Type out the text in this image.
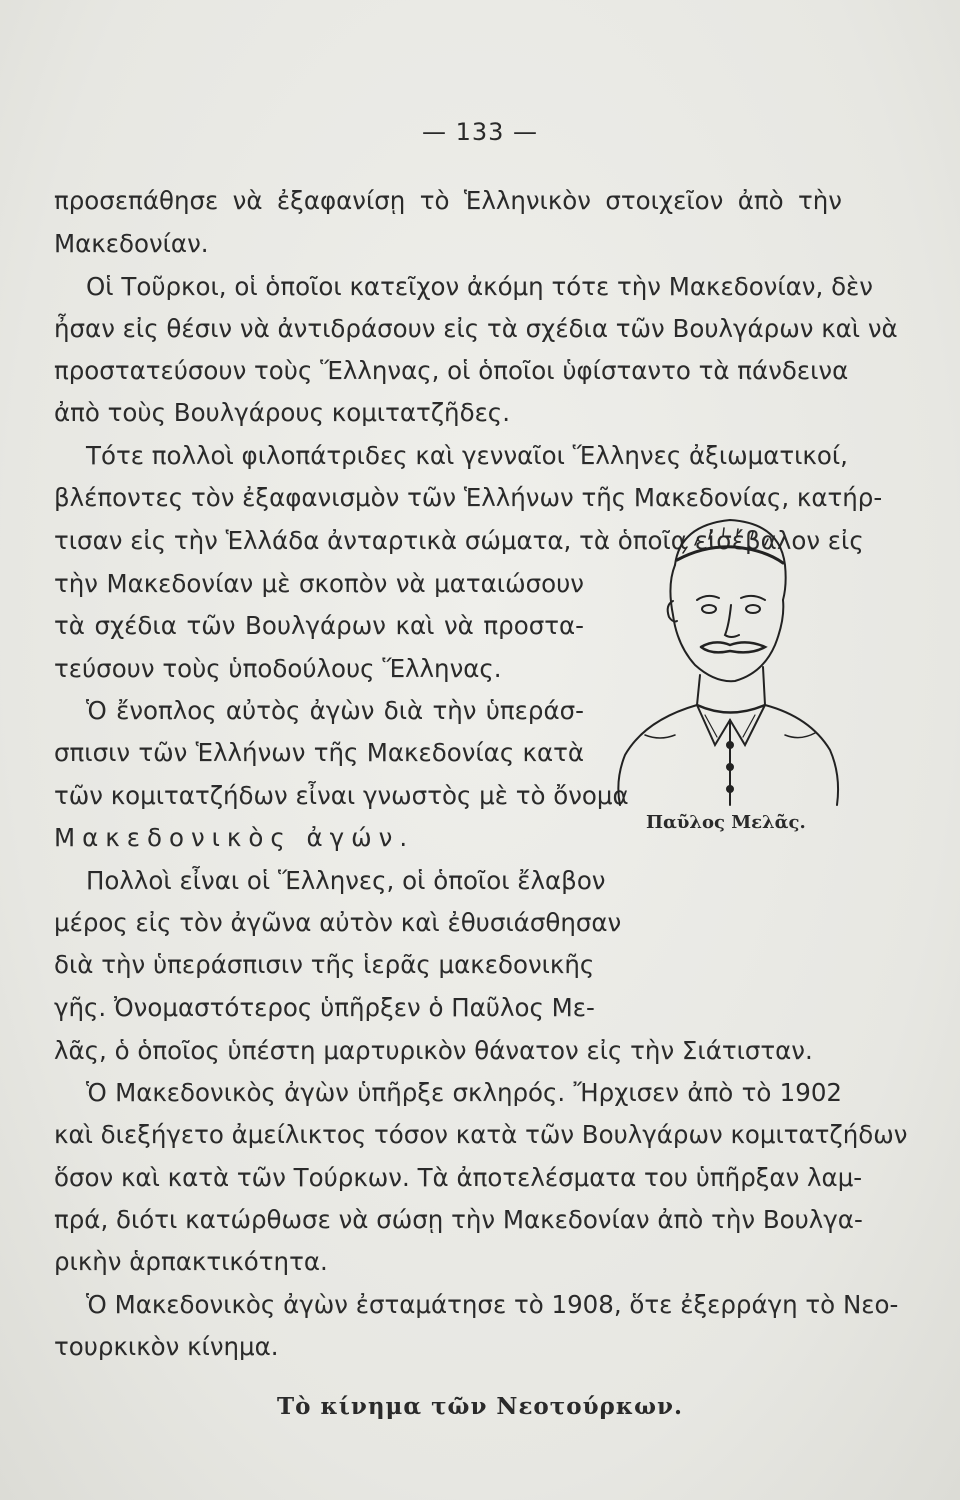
— 133 —
προσεπάθησε νὰ ἐξαφανίσῃ τὸ Ἑλληνικὸν στοιχεῖον ἀπὸ τὴν
Μακεδονίαν.
Οἱ Τοῦρκοι, οἱ ὁποῖοι κατεῖχον ἀκόμη τότε τὴν Μακεδονίαν, δὲν
ἦσαν εἰς θέσιν νὰ ἀντιδράσουν εἰς τὰ σχέδια τῶν Βουλγάρων καὶ νὰ
προστατεύσουν τοὺς Ἕλληνας, οἱ ὁποῖοι ὑφίσταντο τὰ πάνδεινα
ἀπὸ τοὺς Βουλγάρους κομιτατζῆδες.
Τότε πολλοὶ φιλοπάτριδες καὶ γενναῖοι Ἕλληνες ἀξιωματικοί,
βλέποντες τὸν ἐξαφανισμὸν τῶν Ἑλλήνων τῆς Μακεδονίας, κατήρ-
τισαν εἰς τὴν Ἑλλάδα ἀνταρτικὰ σώματα, τὰ ὁποῖα εἰσέβαλον εἰς
τὴν Μακεδονίαν μὲ σκοπὸν νὰ ματαιώσουν
τὰ σχέδια τῶν Βουλγάρων καὶ νὰ προστα-
τεύσουν τοὺς ὑποδούλους Ἕλληνας.
Ὁ ἔνοπλος αὐτὸς ἀγὼν διὰ τὴν ὑπεράσ-
σπισιν τῶν Ἑλλήνων τῆς Μακεδονίας κατὰ
τῶν κομιτατζήδων εἶναι γνωστὸς μὲ τὸ ὄνομα
Μακεδονικὸς ἀγών.
Πολλοὶ εἶναι οἱ Ἕλληνες, οἱ ὁποῖοι ἔλαβον
μέρος εἰς τὸν ἀγῶνα αὐτὸν καὶ ἐθυσιάσθησαν
διὰ τὴν ὑπεράσπισιν τῆς ἱερᾶς μακεδονικῆς
γῆς. Ὀνομαστότερος ὑπῆρξεν ὁ Παῦλος Με-
λᾶς, ὁ ὁποῖος ὑπέστη μαρτυρικὸν θάνατον εἰς τὴν Σιάτισταν.
Ὁ Μακεδονικὸς ἀγὼν ὑπῆρξε σκληρός. Ἤρχισεν ἀπὸ τὸ 1902
καὶ διεξήγετο ἀμείλικτος τόσον κατὰ τῶν Βουλγάρων κομιτατζήδων
ὅσον καὶ κατὰ τῶν Τούρκων. Τὰ ἀποτελέσματα του ὑπῆρξαν λαμ-
πρά, διότι κατώρθωσε νὰ σώσῃ τὴν Μακεδονίαν ἀπὸ τὴν Βουλγα-
ρικὴν ἁρπακτικότητα.
Ὁ Μακεδονικὸς ἀγὼν ἐσταμάτησε τὸ 1908, ὅτε ἐξερράγη τὸ Νεο-
τουρκικὸν κίνημα.
Τὸ κίνημα τῶν Νεοτούρκων.
Παῦλος Μελᾶς.
